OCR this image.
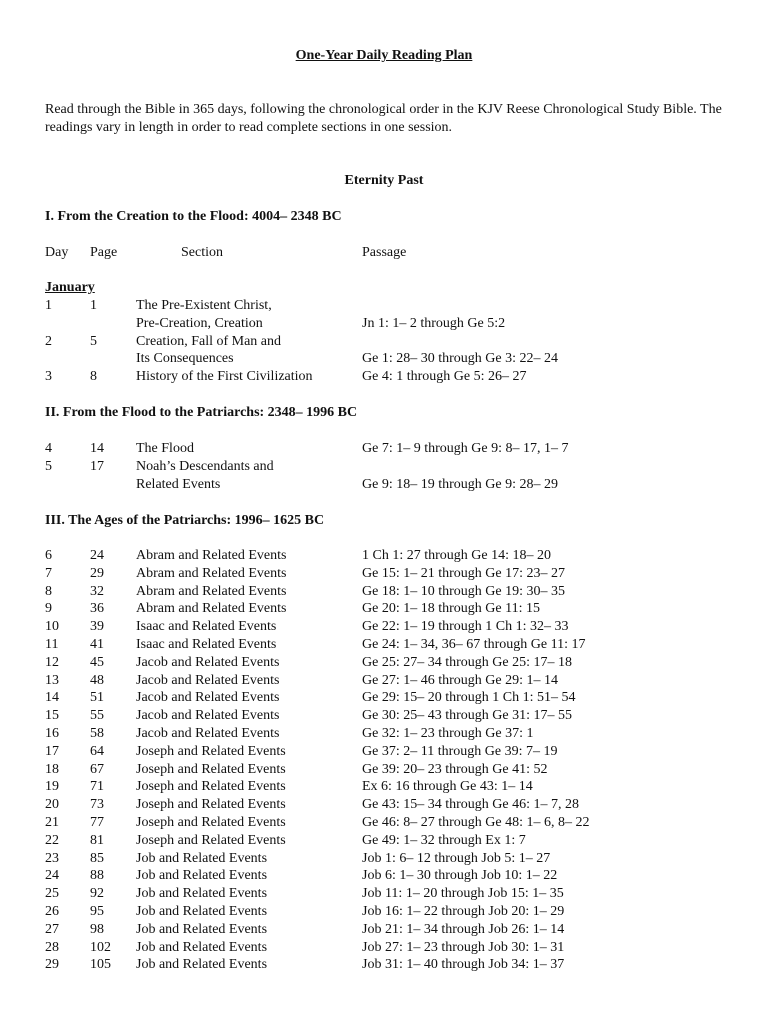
One-Year Daily Reading Plan
Read through the Bible in 365 days, following the chronological order in the KJV Reese Chronological Study Bible. The readings vary in length in order to read complete sections in one session.
Eternity Past
I. From the Creation to the Flood: 4004– 2348 BC
Day Page	Section	Passage
January
1	1	The Pre-Existent Christ,
Pre-Creation, Creation	Jn 1: 1– 2 through Ge 5:2
2	5	Creation, Fall of Man and
Its Consequences	Ge 1: 28– 30 through Ge 3: 22– 24
3	8	History of the First Civilization	Ge 4: 1 through Ge 5: 26– 27
II. From the Flood to the Patriarchs: 2348– 1996 BC
4	14 The Flood	Ge 7: 1– 9 through Ge 9: 8– 17, 1– 7
5	17 Noah’s Descendants and
Related Events	Ge 9: 18– 19 through Ge 9: 28– 29
III. The Ages of the Patriarchs: 1996– 1625 BC
6	24 Abram and Related Events	1 Ch 1: 27 through Ge 14: 18– 20
7	29 Abram and Related Events	Ge 15: 1– 21 through Ge 17: 23– 27
8	32 Abram and Related Events	Ge 18: 1– 10 through Ge 19: 30– 35
9	36 Abram and Related Events	Ge 20: 1– 18 through Ge 11: 15
10 39 Isaac and Related Events	Ge 22: 1– 19 through 1 Ch 1: 32– 33
11 41 Isaac and Related Events	Ge 24: 1– 34, 36– 67 through Ge 11: 17
12 45 Jacob and Related Events	Ge 25: 27– 34 through Ge 25: 17– 18
13 48 Jacob and Related Events	Ge 27: 1– 46 through Ge 29: 1– 14
14 51 Jacob and Related Events	Ge 29: 15– 20 through 1 Ch 1: 51– 54
15 55 Jacob and Related Events	Ge 30: 25– 43 through Ge 31: 17– 55
16 58 Jacob and Related Events	Ge 32: 1– 23 through Ge 37: 1
17 64 Joseph and Related Events	Ge 37: 2– 11 through Ge 39: 7– 19
18 67 Joseph and Related Events	Ge 39: 20– 23 through Ge 41: 52
19 71 Joseph and Related Events	Ex 6: 16 through Ge 43: 1– 14
20 73 Joseph and Related Events	Ge 43: 15– 34 through Ge 46: 1– 7, 28
21 77 Joseph and Related Events	Ge 46: 8– 27 through Ge 48: 1– 6, 8– 22
22 81 Joseph and Related Events	Ge 49: 1– 32 through Ex 1: 7
23 85 Job and Related Events	Job 1: 6– 12 through Job 5: 1– 27
24 88 Job and Related Events	Job 6: 1– 30 through Job 10: 1– 22
25 92 Job and Related Events	Job 11: 1– 20 through Job 15: 1– 35
26 95 Job and Related Events	Job 16: 1– 22 through Job 20: 1– 29
27 98 Job and Related Events	Job 21: 1– 34 through Job 26: 1– 14
28 102 Job and Related Events	Job 27: 1– 23 through Job 30: 1– 31
29 105 Job and Related Events	Job 31: 1– 40 through Job 34: 1– 37
